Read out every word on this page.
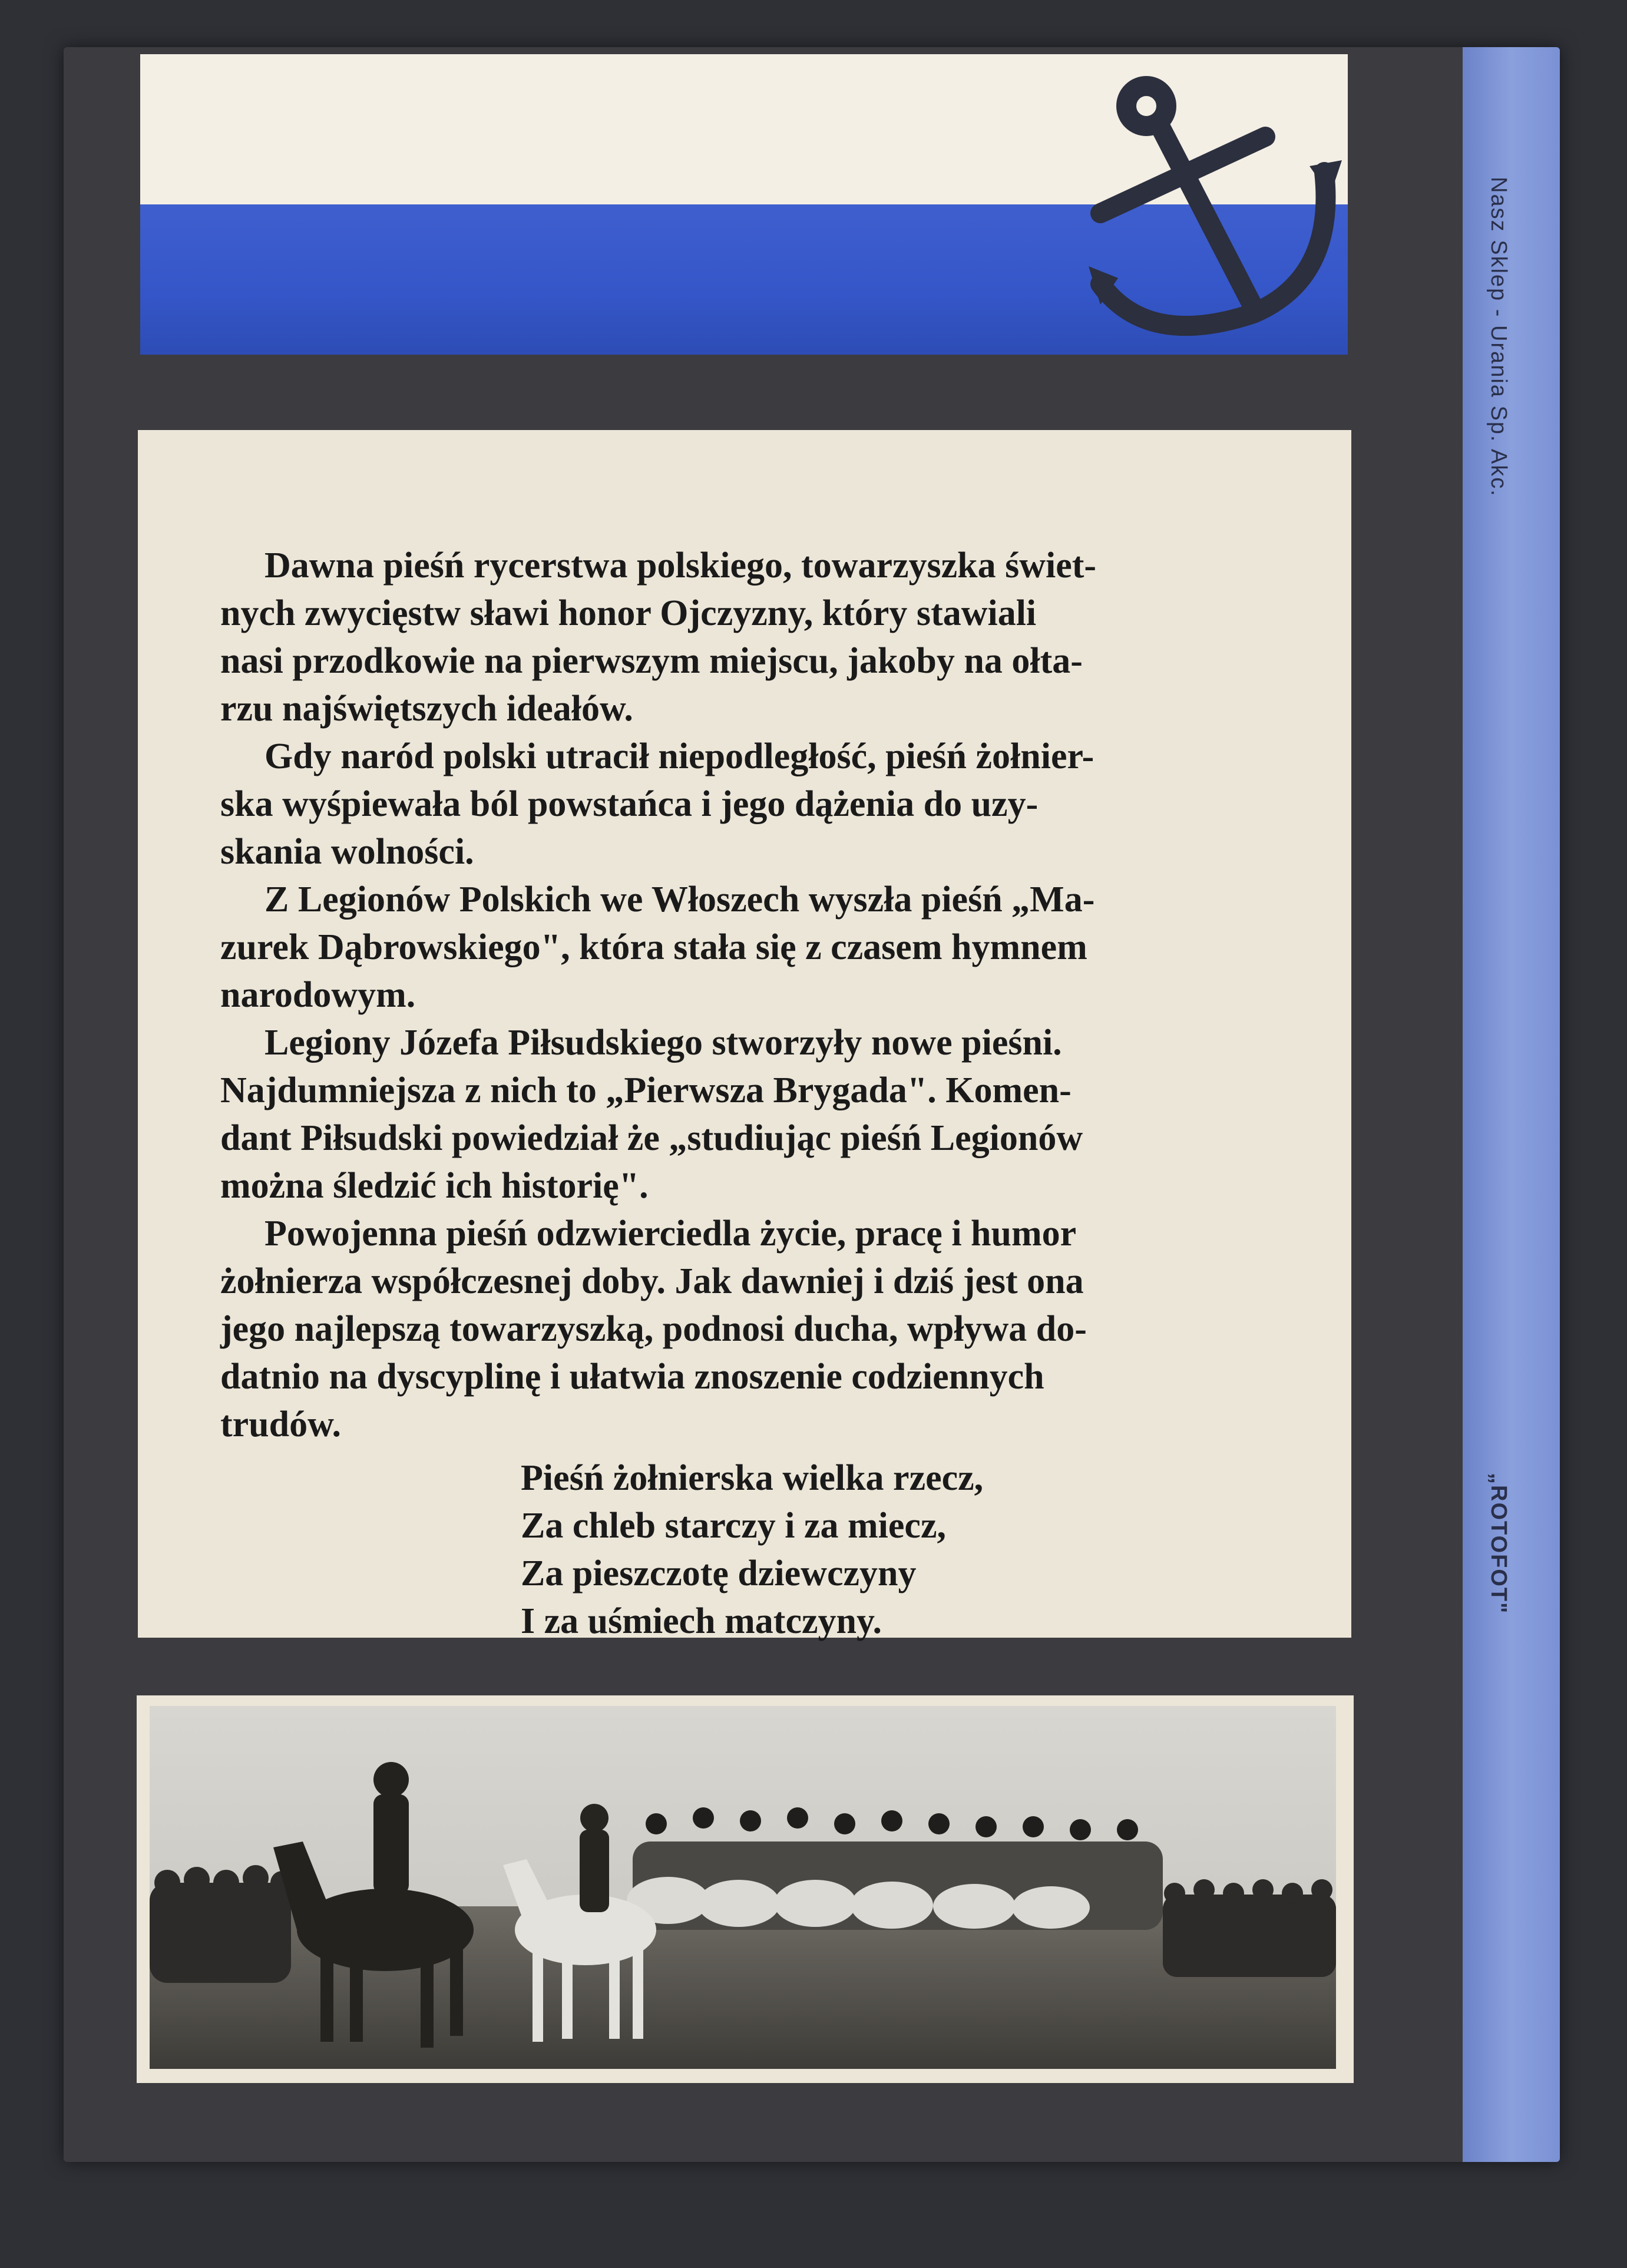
Nasz Sklep - Urania Sp. Akc.
„ROTOFOT"
Dawna pieśń rycerstwa polskiego, towarzyszka świet-
nych zwycięstw sławi honor Ojczyzny, który stawiali
nasi przodkowie na pierwszym miejscu, jakoby na ołta-
rzu najświętszych ideałów.
Gdy naród polski utracił niepodległość, pieśń żołnier-
ska wyśpiewała ból powstańca i jego dążenia do uzy-
skania wolności.
Z Legionów Polskich we Włoszech wyszła pieśń „Ma-
zurek Dąbrowskiego", która stała się z czasem hymnem
narodowym.
Legiony Józefa Piłsudskiego stworzyły nowe pieśni.
Najdumniejsza z nich to „Pierwsza Brygada". Komen-
dant Piłsudski powiedział że „studiując pieśń Legionów
można śledzić ich historię".
Powojenna pieśń odzwierciedla życie, pracę i humor
żołnierza współczesnej doby. Jak dawniej i dziś jest ona
jego najlepszą towarzyszką, podnosi ducha, wpływa do-
datnio na dyscyplinę i ułatwia znoszenie codziennych
trudów.
Pieśń żołnierska wielka rzecz,
Za chleb starczy i za miecz,
Za pieszczotę dziewczyny
I za uśmiech matczyny.
